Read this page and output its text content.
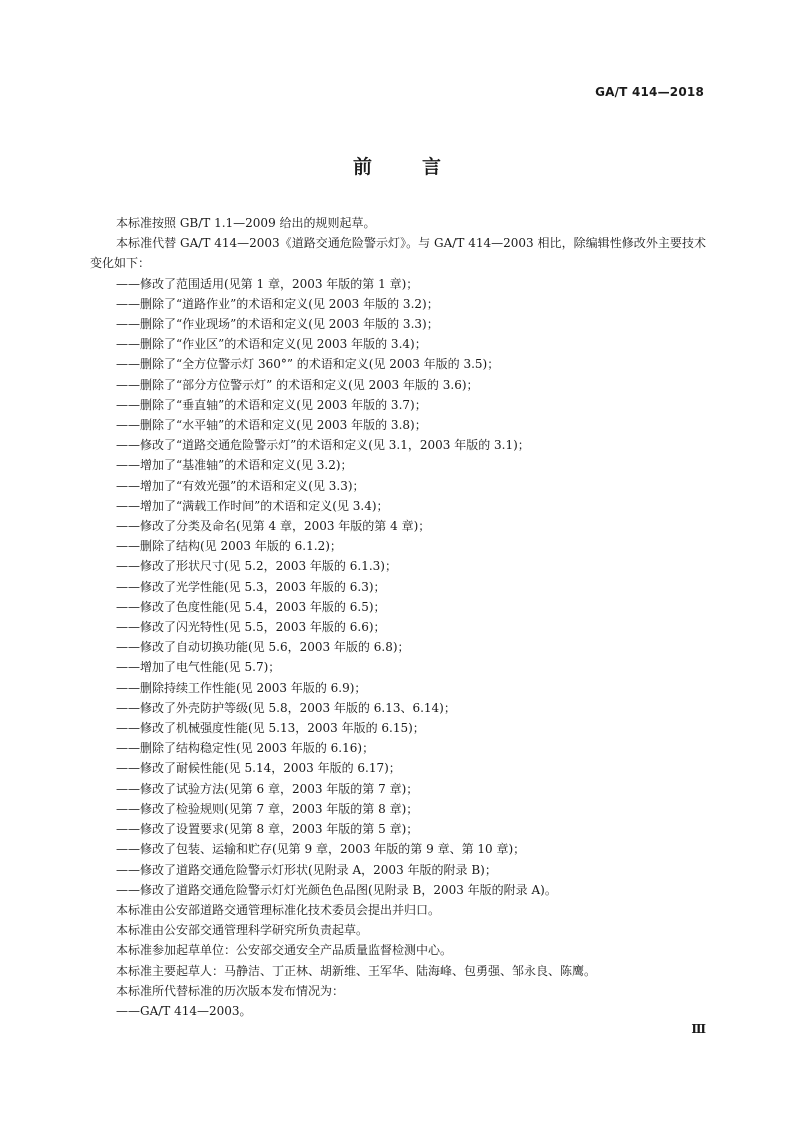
GA/T 414—2018
前	言

本标准按照 GB/T 1.1—2009 给出的规则起草。

本标准代替 GA/T 414—2003《道路交通危险警示灯》。与 GA/T 414—2003 相比，除编辑性修改外主要技术变化如下：

——修改了范围适用(见第 1 章，2003 年版的第 1 章)；

——删除了“道路作业”的术语和定义(见 2003 年版的 3.2)；

——删除了“作业现场”的术语和定义(见 2003 年版的 3.3)；

——删除了“作业区”的术语和定义(见 2003 年版的 3.4)；

——删除了“全方位警示灯 360°” 的术语和定义(见 2003 年版的 3.5)；

——删除了“部分方位警示灯” 的术语和定义(见 2003 年版的 3.6)；

——删除了“垂直轴”的术语和定义(见 2003 年版的 3.7)；

——删除了“水平轴”的术语和定义(见 2003 年版的 3.8)；

——修改了“道路交通危险警示灯”的术语和定义(见 3.1，2003 年版的 3.1)；

——增加了“基准轴”的术语和定义(见 3.2)；

——增加了“有效光强”的术语和定义(见 3.3)；

——增加了“满载工作时间”的术语和定义(见 3.4)；

——修改了分类及命名(见第 4 章，2003 年版的第 4 章)；

——删除了结构(见 2003 年版的 6.1.2)；

——修改了形状尺寸(见 5.2，2003 年版的 6.1.3)；

——修改了光学性能(见 5.3，2003 年版的 6.3)；

——修改了色度性能(见 5.4，2003 年版的 6.5)；

——修改了闪光特性(见 5.5，2003 年版的 6.6)；

——修改了自动切换功能(见 5.6，2003 年版的 6.8)；

——增加了电气性能(见 5.7)；

——删除持续工作性能(见 2003 年版的 6.9)；

——修改了外壳防护等级(见 5.8，2003 年版的 6.13、6.14)；

——修改了机械强度性能(见 5.13，2003 年版的 6.15)；

——删除了结构稳定性(见 2003 年版的 6.16)；

——修改了耐候性能(见 5.14，2003 年版的 6.17)；

——修改了试验方法(见第 6 章，2003 年版的第 7 章)；

——修改了检验规则(见第 7 章，2003 年版的第 8 章)；

——修改了设置要求(见第 8 章，2003 年版的第 5 章)；

——修改了包装、运输和贮存(见第 9 章，2003 年版的第 9 章、第 10 章)；

——修改了道路交通危险警示灯形状(见附录 A，2003 年版的附录 B)；

——修改了道路交通危险警示灯灯光颜色色品图(见附录 B，2003 年版的附录 A)。

本标准由公安部道路交通管理标准化技术委员会提出并归口。

本标准由公安部交通管理科学研究所负责起草。

本标准参加起草单位：公安部交通安全产品质量监督检测中心。

本标准主要起草人：马静洁、丁正林、胡新维、王军华、陆海峰、包勇强、邹永良、陈鹰。

本标准所代替标准的历次版本发布情况为：

——GA/T 414—2003。

Ⅲ
